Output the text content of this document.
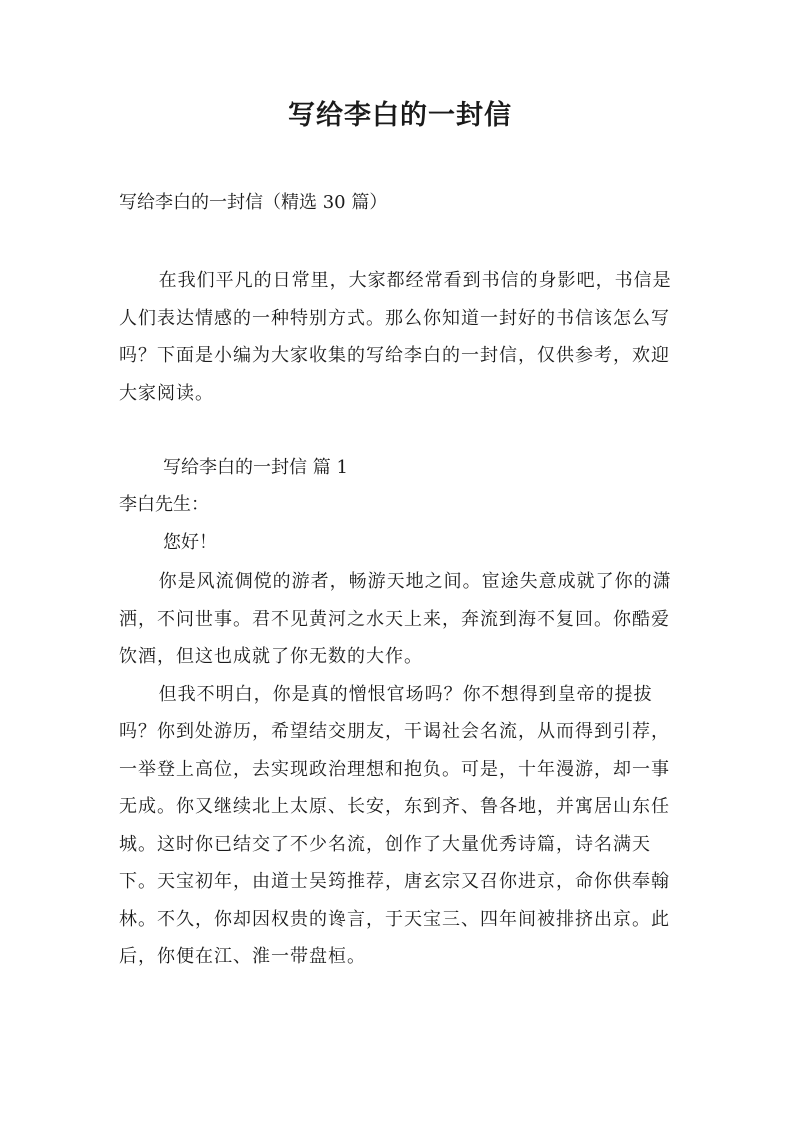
写给李白的一封信
写给李白的一封信（精选 30 篇）

在我们平凡的日常里，大家都经常看到书信的身影吧，书信是人们表达情感的一种特别方式。那么你知道一封好的书信该怎么写吗？下面是小编为大家收集的写给李白的一封信，仅供参考，欢迎大家阅读。

写给李白的一封信 篇 1
李白先生：
您好！

你是风流倜傥的游者，畅游天地之间。宦途失意成就了你的潇洒，不问世事。君不见黄河之水天上来，奔流到海不复回。你酷爱饮酒，但这也成就了你无数的大作。

但我不明白，你是真的憎恨官场吗？你不想得到皇帝的提拔吗？你到处游历，希望结交朋友，干谒社会名流，从而得到引荐，一举登上高位，去实现政治理想和抱负。可是，十年漫游，却一事无成。你又继续北上太原、长安，东到齐、鲁各地，并寓居山东任城。这时你已结交了不少名流，创作了大量优秀诗篇，诗名满天下。天宝初年，由道士吴筠推荐，唐玄宗又召你进京，命你供奉翰林。不久，你却因权贵的谗言，于天宝三、四年间被排挤出京。此后，你便在江、淮一带盘桓。
